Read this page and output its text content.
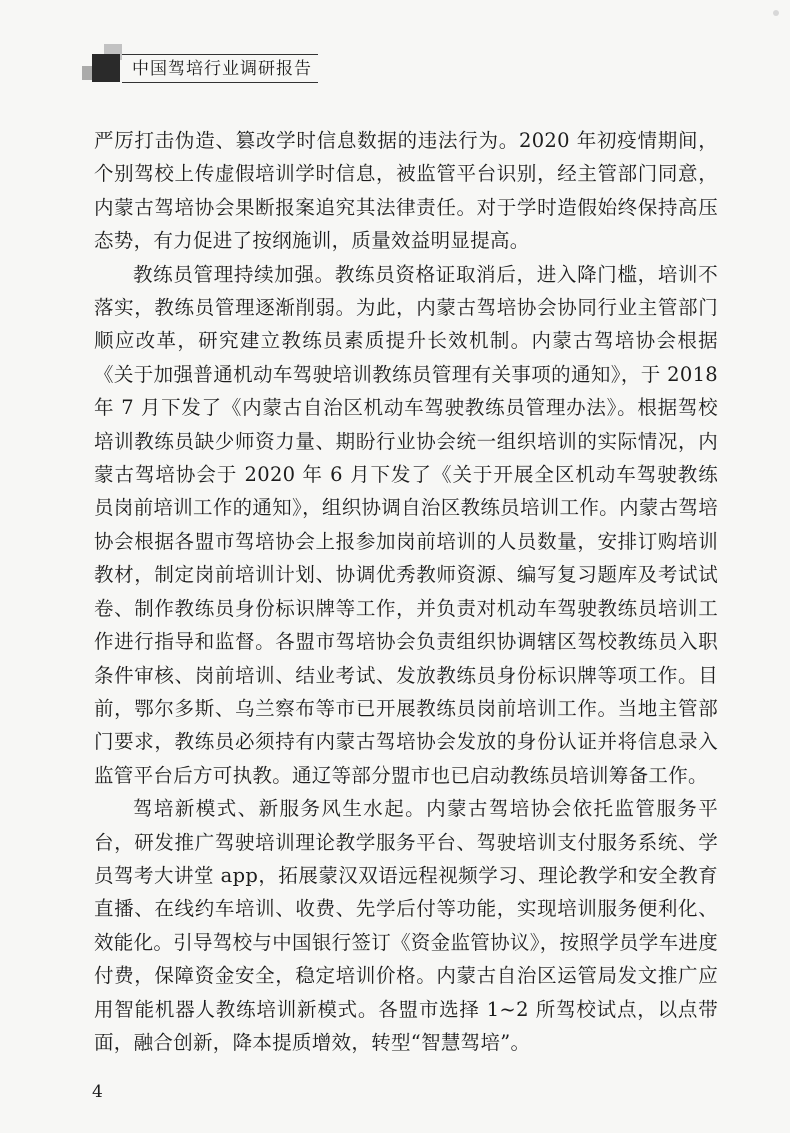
中国驾培行业调研报告

严厉打击伪造、篡改学时信息数据的违法行为。2020 年初疫情期间，个别驾校上传虚假培训学时信息，被监管平台识别，经主管部门同意，内蒙古驾培协会果断报案追究其法律责任。对于学时造假始终保持高压态势，有力促进了按纲施训，质量效益明显提高。

教练员管理持续加强。教练员资格证取消后，进入降门槛，培训不落实，教练员管理逐渐削弱。为此，内蒙古驾培协会协同行业主管部门顺应改革，研究建立教练员素质提升长效机制。内蒙古驾培协会根据《关于加强普通机动车驾驶培训教练员管理有关事项的通知》，于 2018 年 7 月下发了《内蒙古自治区机动车驾驶教练员管理办法》。根据驾校培训教练员缺少师资力量、期盼行业协会统一组织培训的实际情况，内蒙古驾培协会于 2020 年 6 月下发了《关于开展全区机动车驾驶教练员岗前培训工作的通知》，组织协调自治区教练员培训工作。内蒙古驾培协会根据各盟市驾培协会上报参加岗前培训的人员数量，安排订购培训教材，制定岗前培训计划、协调优秀教师资源、编写复习题库及考试试卷、制作教练员身份标识牌等工作，并负责对机动车驾驶教练员培训工作进行指导和监督。各盟市驾培协会负责组织协调辖区驾校教练员入职条件审核、岗前培训、结业考试、发放教练员身份标识牌等项工作。目前，鄂尔多斯、乌兰察布等市已开展教练员岗前培训工作。当地主管部门要求，教练员必须持有内蒙古驾培协会发放的身份认证并将信息录入监管平台后方可执教。通辽等部分盟市也已启动教练员培训筹备工作。

驾培新模式、新服务风生水起。内蒙古驾培协会依托监管服务平台，研发推广驾驶培训理论教学服务平台、驾驶培训支付服务系统、学员驾考大讲堂 app，拓展蒙汉双语远程视频学习、理论教学和安全教育直播、在线约车培训、收费、先学后付等功能，实现培训服务便利化、效能化。引导驾校与中国银行签订《资金监管协议》，按照学员学车进度付费，保障资金安全，稳定培训价格。内蒙古自治区运管局发文推广应用智能机器人教练培训新模式。各盟市选择 1~2 所驾校试点，以点带面，融合创新，降本提质增效，转型“智慧驾培”。

4
